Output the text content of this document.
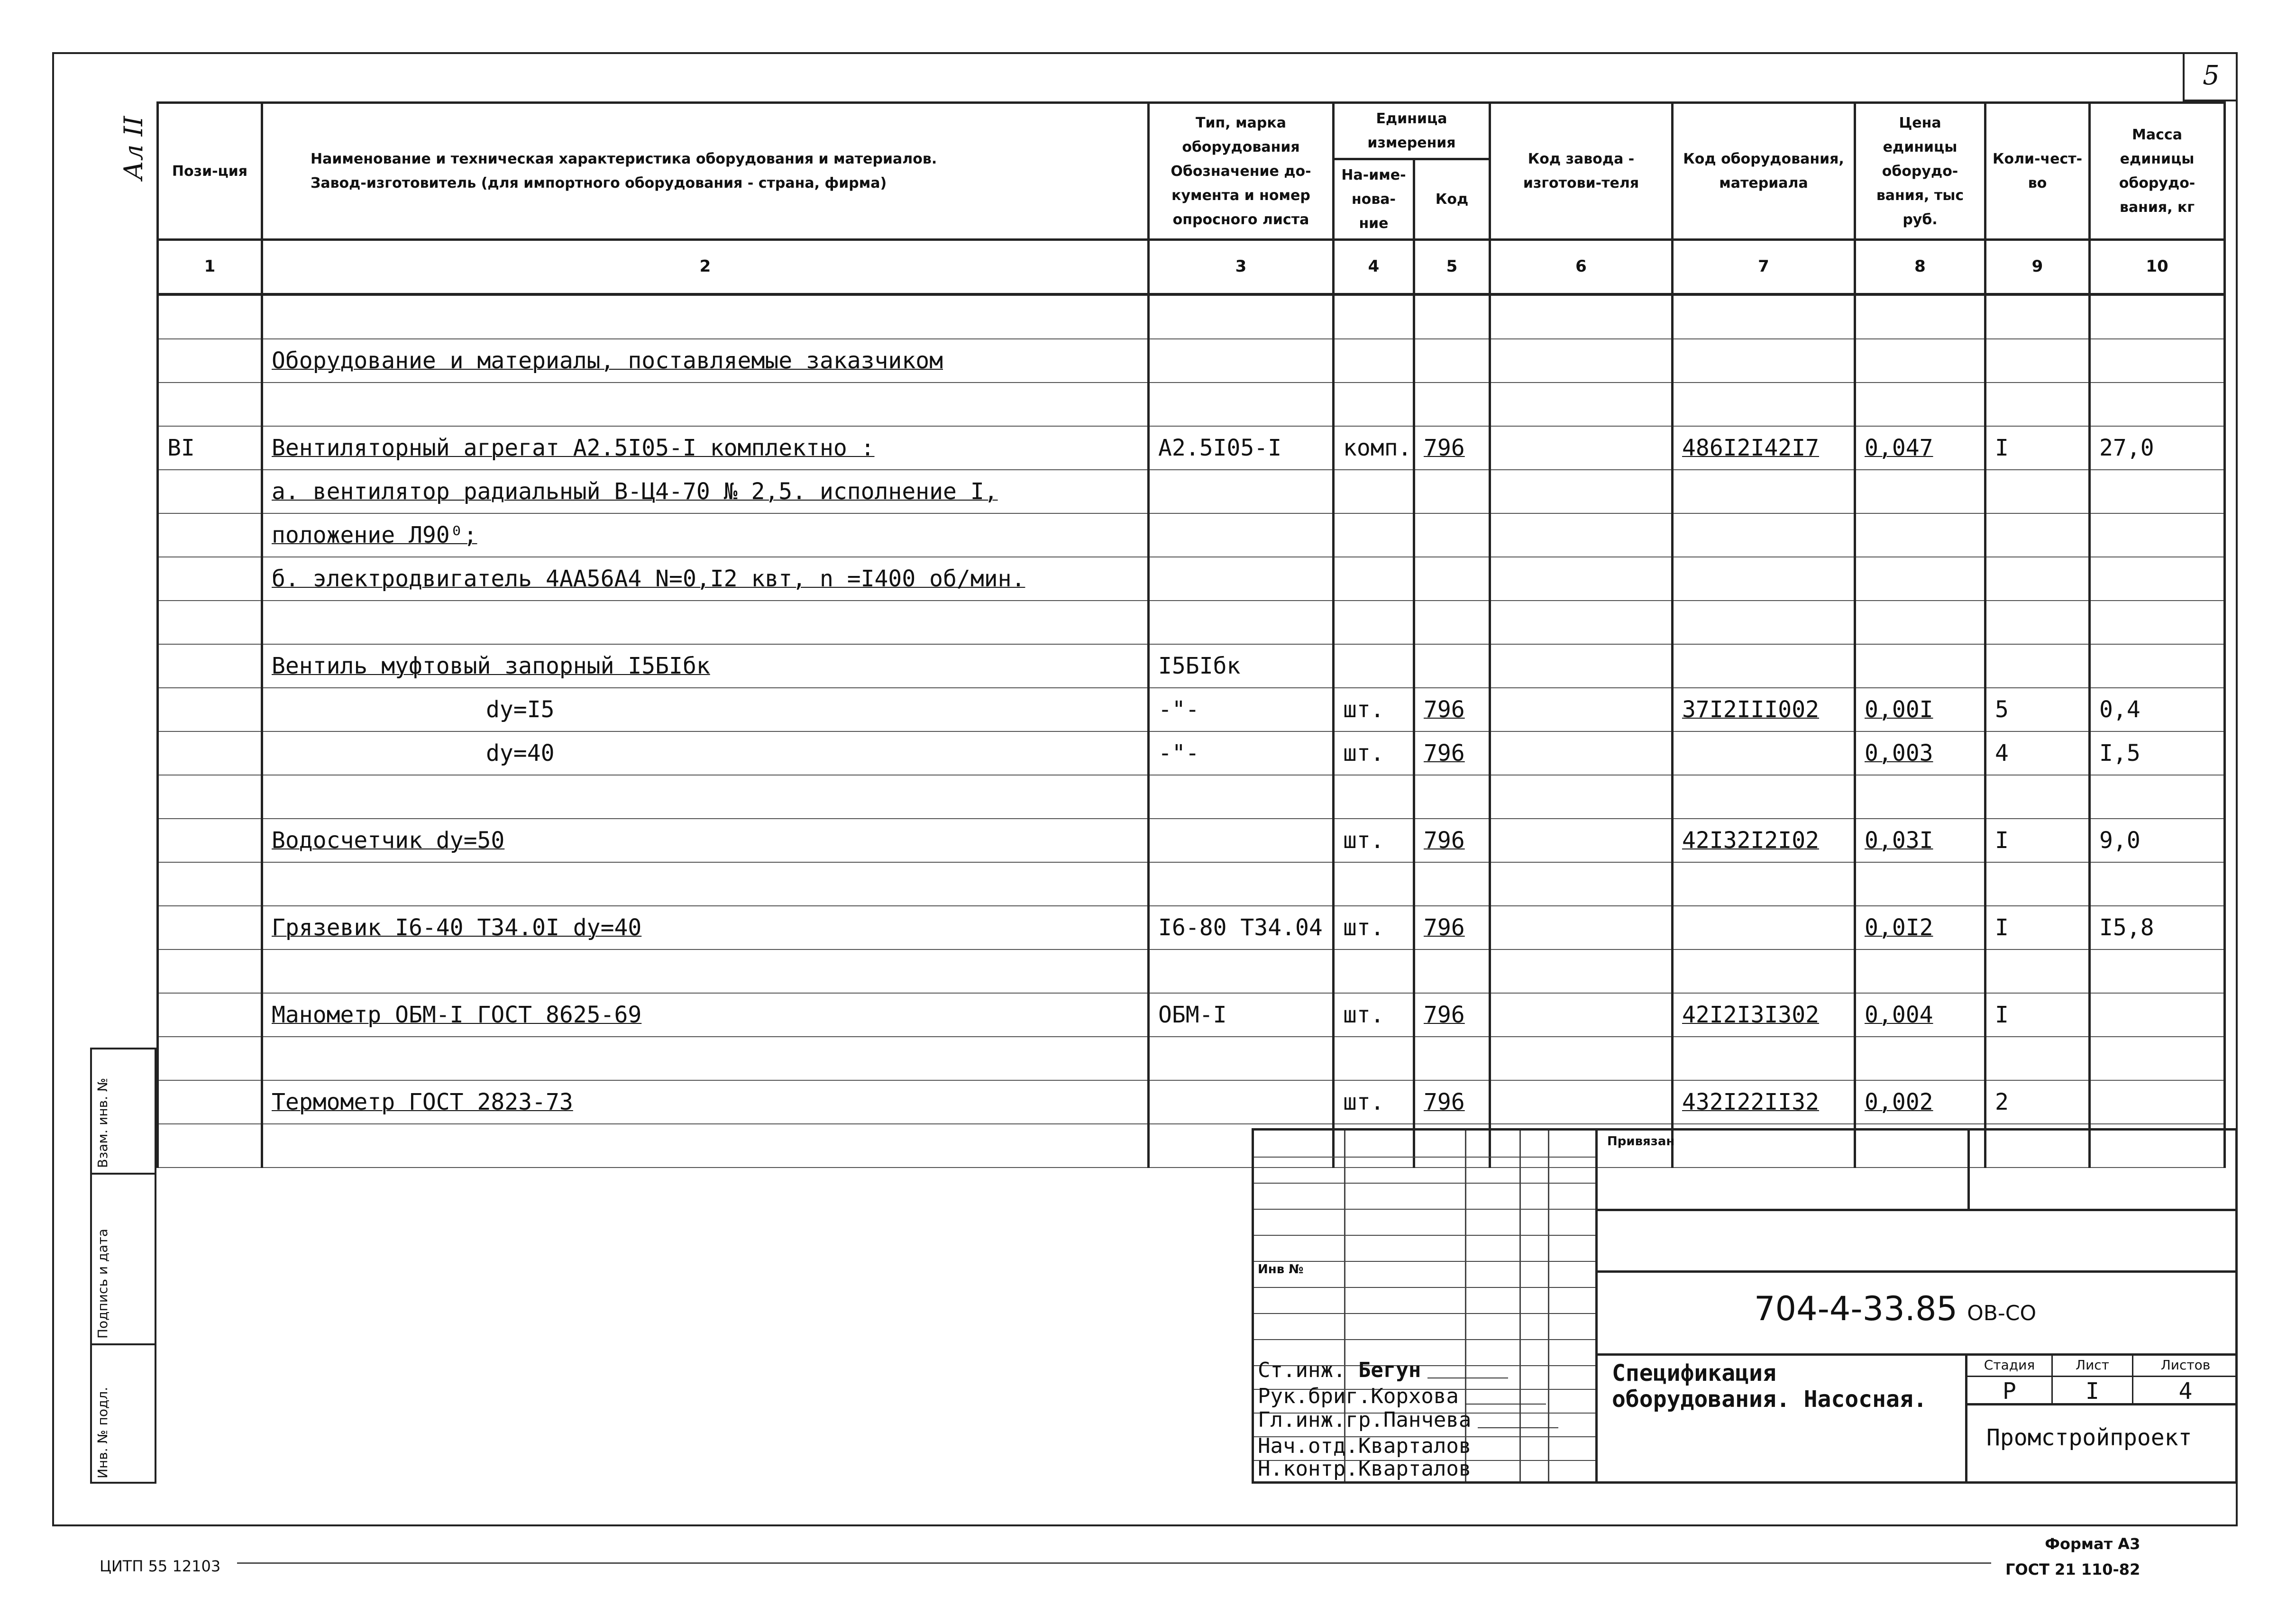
5
Ал II Пози-ция	Наименование и техническая характеристика оборудования и материалов.
Завод-изготовитель (для импортного оборудования - страна, фирма)	Тип, марка оборудования Обозначение до-кумента и номер опросного листа	Единица измерения		Код завода - изготови-теля	Код оборудования, материала	Цена единицы оборудо-вания, тыс руб.	Коли-чест-во	Масса единицы оборудо-вания, кг
			На-име-нова-ние	Код					
1	2	3	4	5	6	7	8	9	10

	Оборудование и материалы, поставляемые заказчиком								

BI	Вентиляторный агрегат А2.5I05-I комплектно :	А2.5I05-I	комп.	796		486I2I42I7	0,047	I	27,0
	а. вентилятор радиальный В-Ц4-70 № 2,5. исполнение I,								
	положение Л90⁰;								
	б. электродвигатель 4АА56А4 N=0,I2 квт, n =I400 об/мин.								

	Вентиль муфтовый запорный I5БIбк	I5БIбк							
	dy=I5	-"-	шт.	796		37I2III002	0,00I	5	0,4
	dy=40	-"-	шт.	796			0,003	4	I,5

	Водосчетчик dy=50		шт.	796		42I32I2I02	0,03I	I	9,0

	Грязевик I6-40 Т34.0I dy=40	I6-80 Т34.04	шт.	796			0,0I2	I	I5,8

	Манометр ОБМ-I ГОСТ 8625-69	ОБМ-I	шт.	796		42I2I3I302	0,004	I	

	Термометр ГОСТ 2823-73		шт.	796		432I22II32	0,002	2	

Взам. инв. №
Подпись и дата
Инв. № подл.
Инв №
Ст.инж. Бегун
Рук.бриг.Корхова
Гл.инж.гр.Панчева
Нач.отд.Кварталов
Н.контр.Кварталов
Привязан
704-4-33.85 ОВ-СО
Спецификация оборудования. Насосная.
Стадия	Лист	Листов
Р	I	4
Промстройпроект
ЦИТП 55 12103
Формат А3
ГОСТ 21 110-82
